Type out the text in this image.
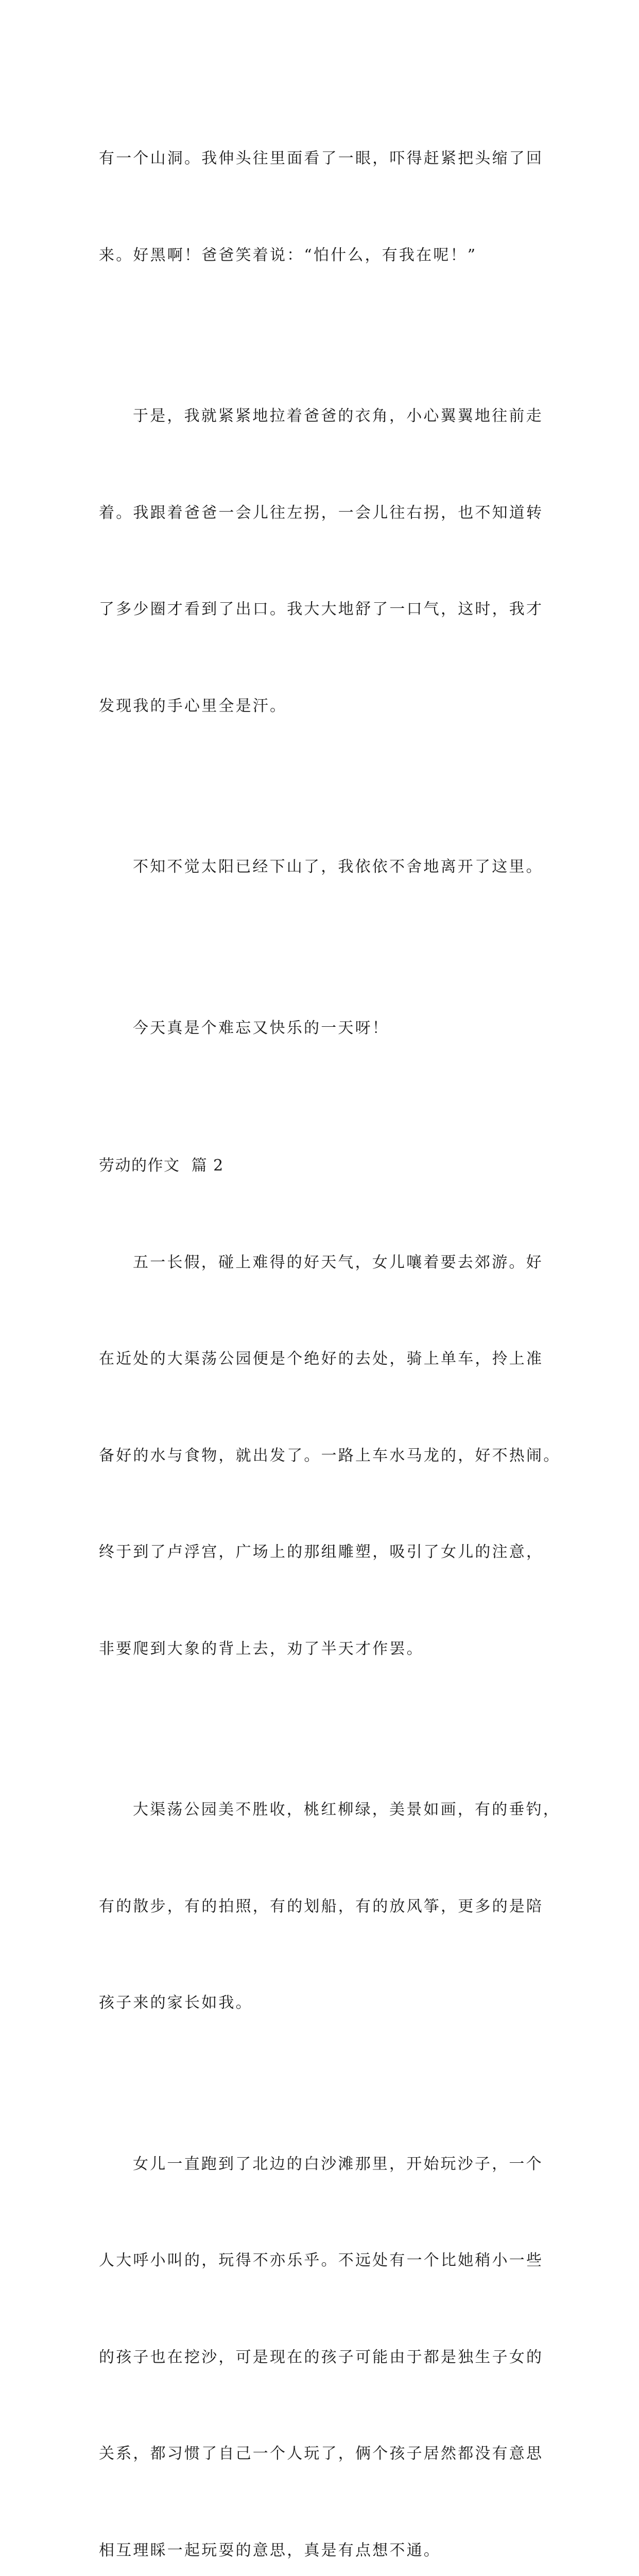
有一个山洞。我伸头往里面看了一眼，吓得赶紧把头缩了回

来。好黑啊！爸爸笑着说：“怕什么，有我在呢！”

于是，我就紧紧地拉着爸爸的衣角，小心翼翼地往前走

着。我跟着爸爸一会儿往左拐，一会儿往右拐，也不知道转

了多少圈才看到了出口。我大大地舒了一口气，这时，我才

发现我的手心里全是汗。

不知不觉太阳已经下山了，我依依不舍地离开了这里。

今天真是个难忘又快乐的一天呀！

劳动的作文  篇 2

五一长假，碰上难得的好天气，女儿嚷着要去郊游。好

在近处的大渠荡公园便是个绝好的去处，骑上单车，拎上准

备好的水与食物，就出发了。一路上车水马龙的，好不热闹。

终于到了卢浮宫，广场上的那组雕塑，吸引了女儿的注意，

非要爬到大象的背上去，劝了半天才作罢。

大渠荡公园美不胜收，桃红柳绿，美景如画，有的垂钓，

有的散步，有的拍照，有的划船，有的放风筝，更多的是陪

孩子来的家长如我。

女儿一直跑到了北边的白沙滩那里，开始玩沙子，一个

人大呼小叫的，玩得不亦乐乎。不远处有一个比她稍小一些

的孩子也在挖沙，可是现在的孩子可能由于都是独生子女的

关系，都习惯了自己一个人玩了，俩个孩子居然都没有意思

相互理睬一起玩耍的意思，真是有点想不通。
